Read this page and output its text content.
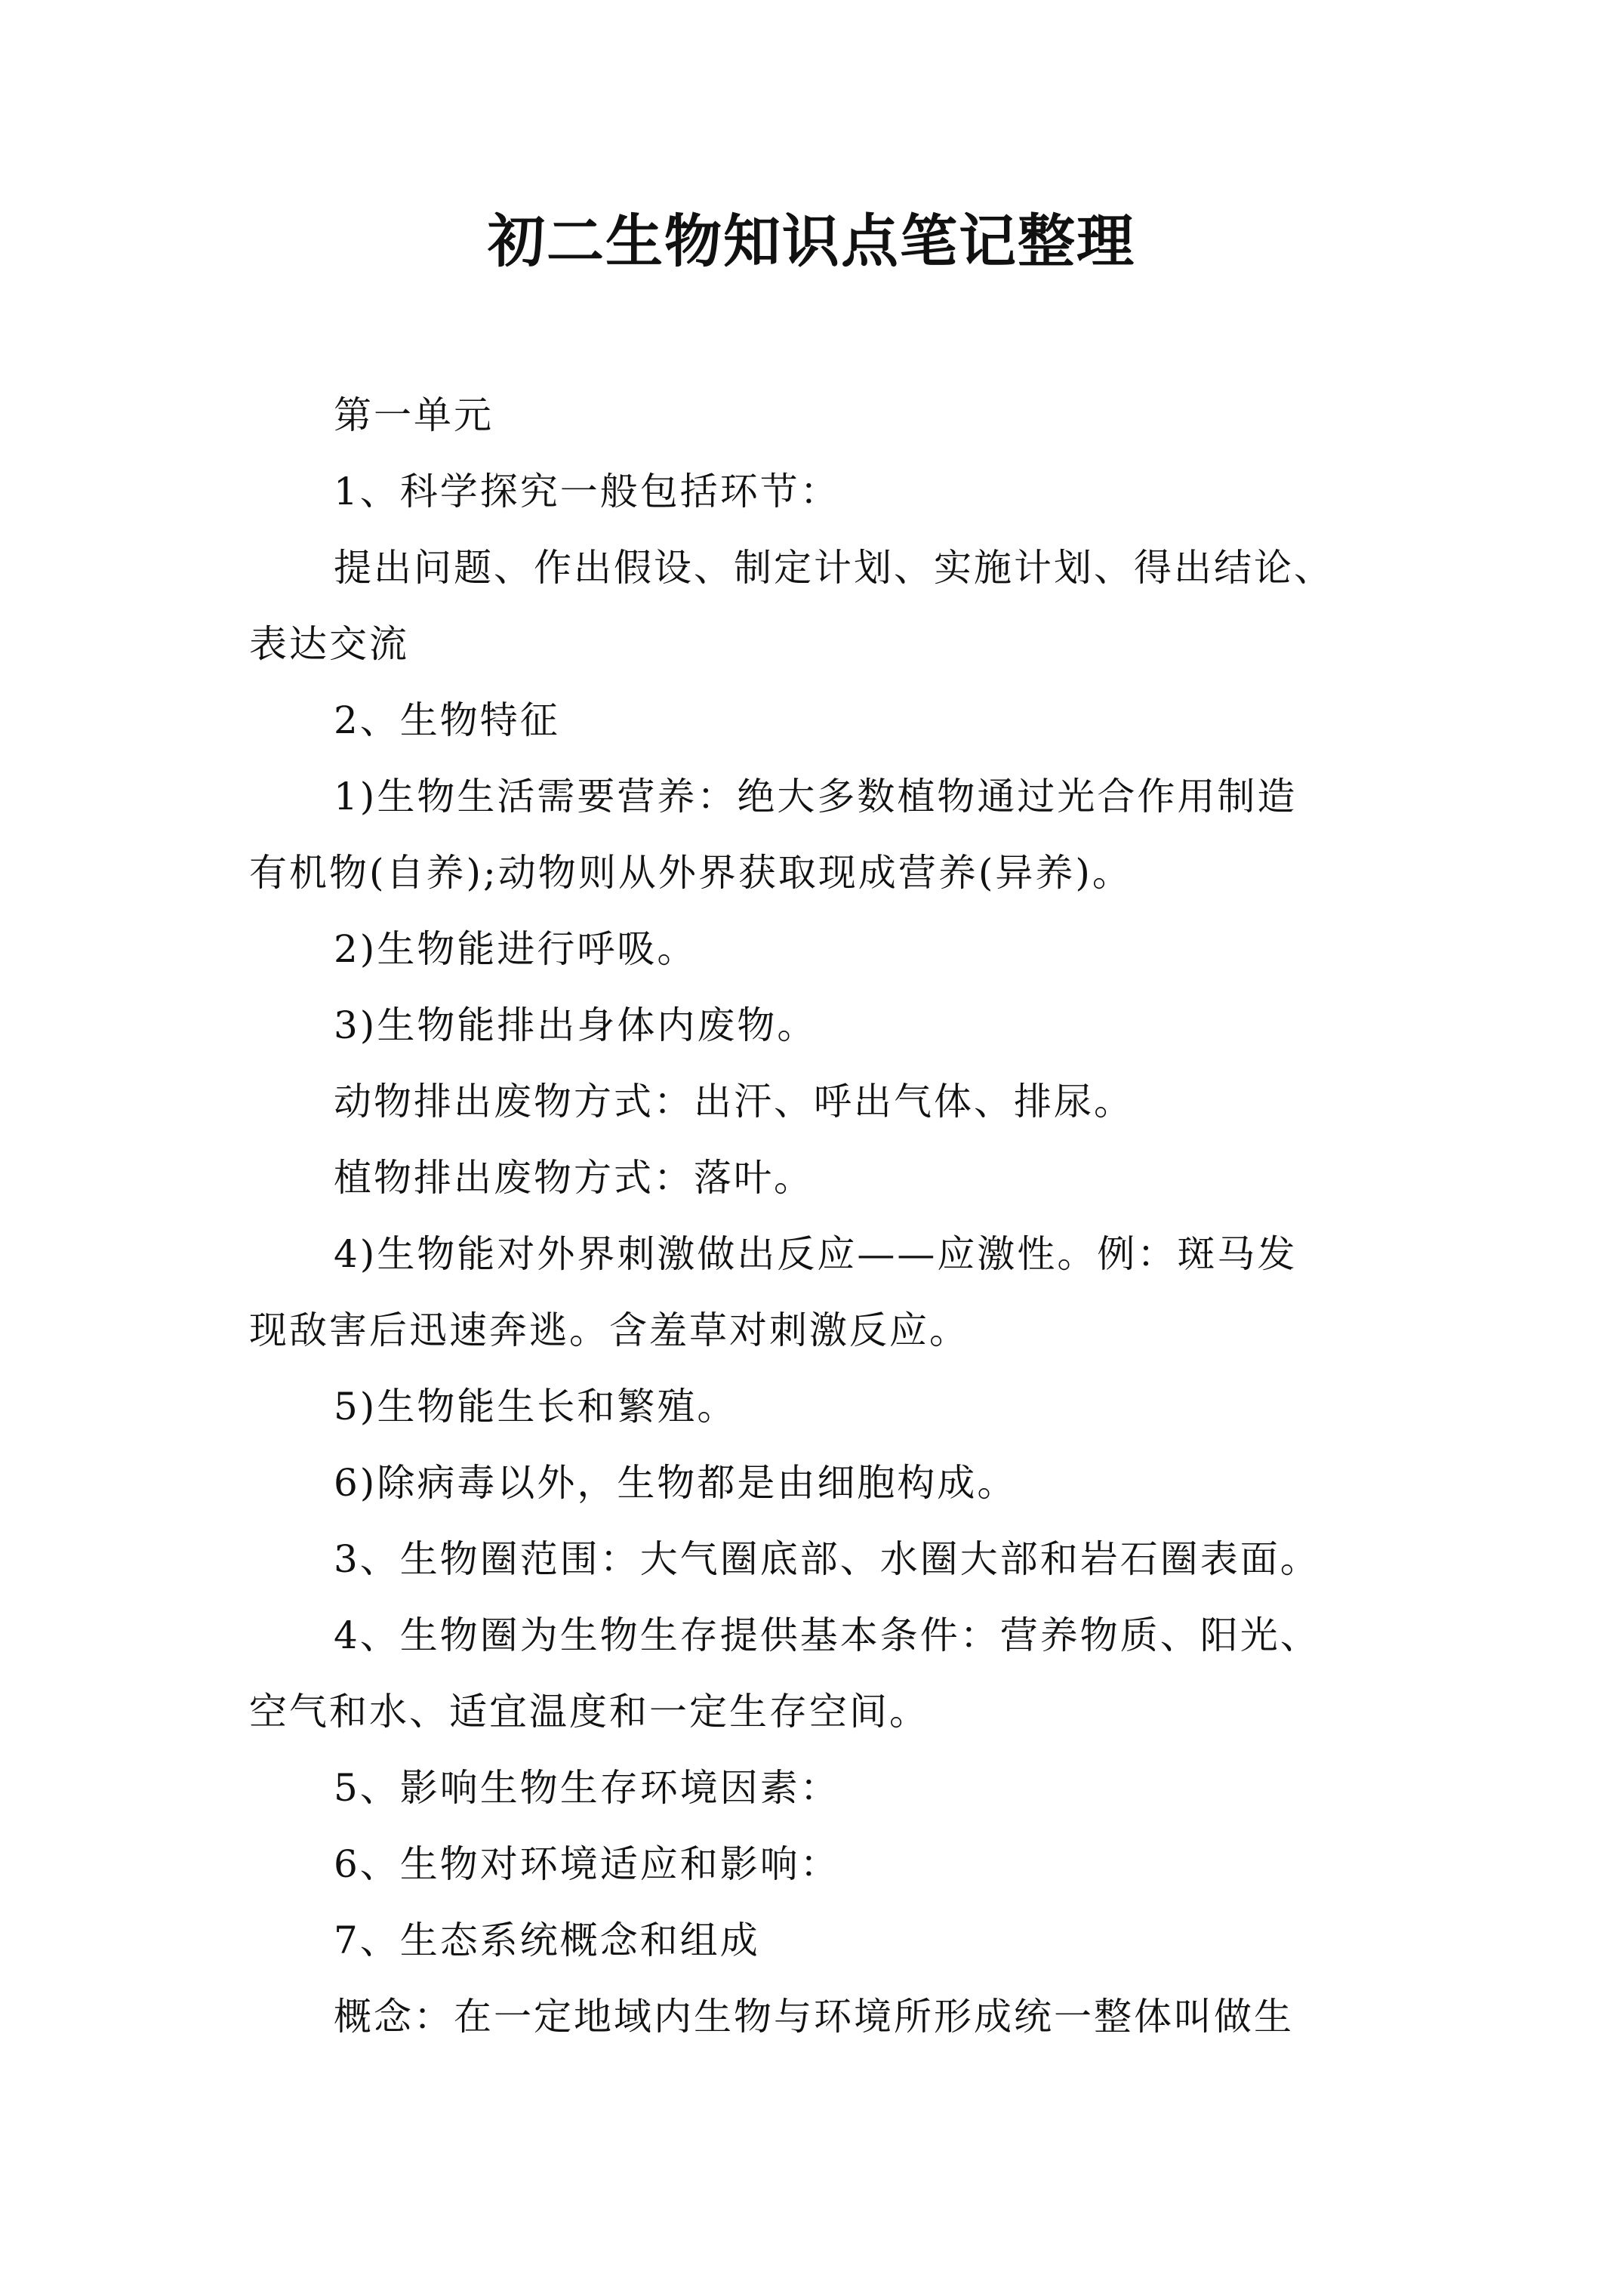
初二生物知识点笔记整理
第一单元
1、科学探究一般包括环节：
提出问题、作出假设、制定计划、实施计划、得出结论、
表达交流
2、生物特征
1)生物生活需要营养：绝大多数植物通过光合作用制造
有机物(自养);动物则从外界获取现成营养(异养)。
2)生物能进行呼吸。
3)生物能排出身体内废物。
动物排出废物方式：出汗、呼出气体、排尿。
植物排出废物方式：落叶。
4)生物能对外界刺激做出反应——应激性。例：斑马发
现敌害后迅速奔逃。含羞草对刺激反应。
5)生物能生长和繁殖。
6)除病毒以外，生物都是由细胞构成。
3、生物圈范围：大气圈底部、水圈大部和岩石圈表面。
4、生物圈为生物生存提供基本条件：营养物质、阳光、
空气和水、适宜温度和一定生存空间。
5、影响生物生存环境因素：
6、生物对环境适应和影响：
7、生态系统概念和组成
概念：在一定地域内生物与环境所形成统一整体叫做生
